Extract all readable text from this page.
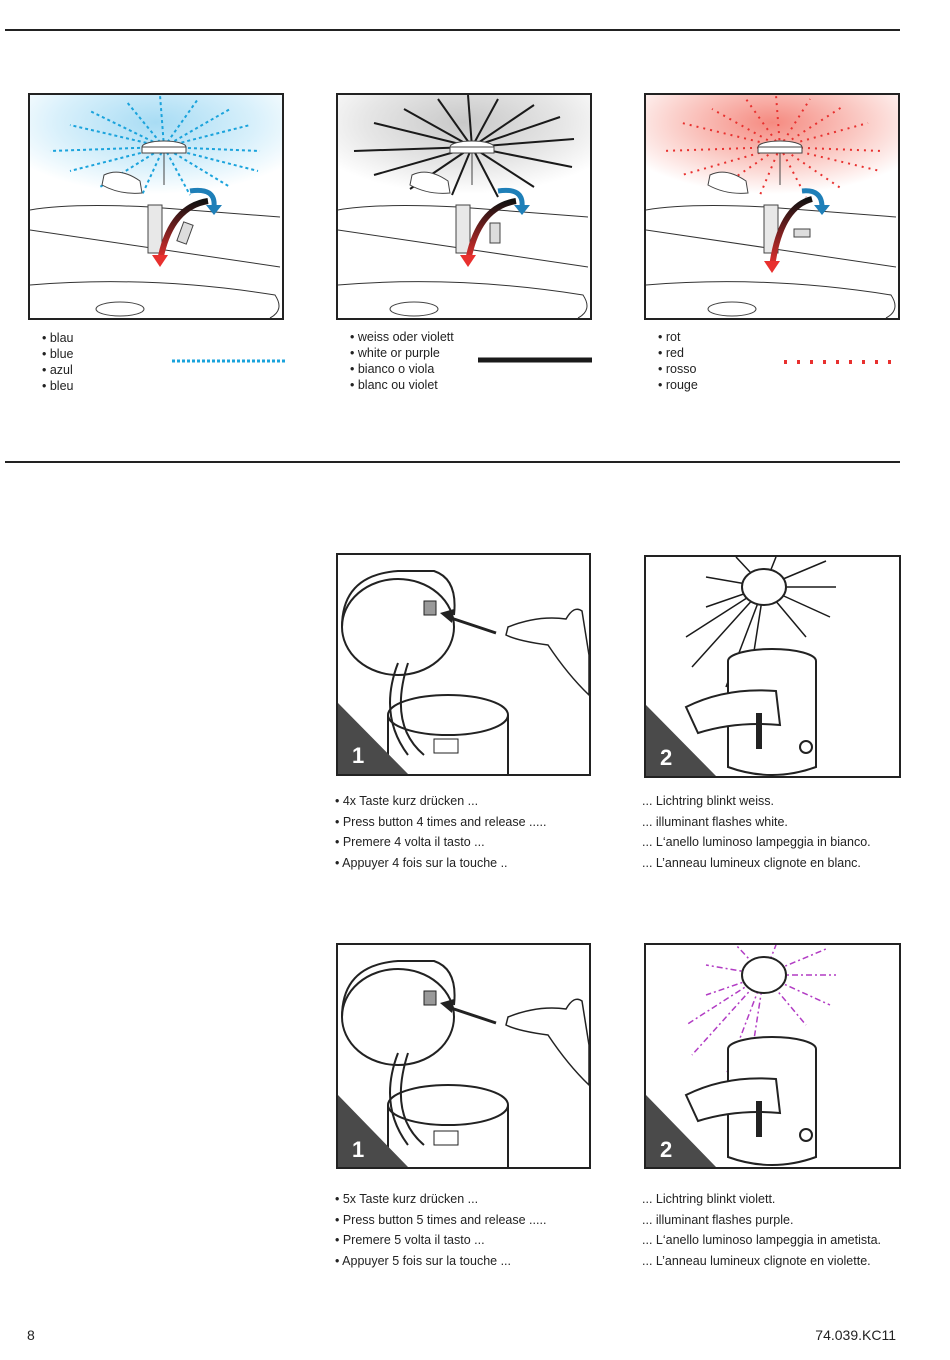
• blau
• blue
• azul
• bleu
• weiss oder violett
• white or purple
• bianco o viola
• blanc ou violet
• rot
• red
• rosso
• rouge
1	2
• 4x Taste kurz drücken ...
• Press button 4 times and release .....
• Premere 4 volta il tasto ...
• Appuyer 4 fois sur la touche ..
... Lichtring blinkt weiss.
... illuminant flashes white.
... L‘anello luminoso lampeggia in bianco.
... L’anneau lumineux clignote en blanc.
1	2
• 5x Taste kurz drücken ...
• Press button 5 times and release .....
• Premere 5 volta il tasto ...
• Appuyer 5 fois sur la touche ...
... Lichtring blinkt violett.
... illuminant flashes purple.
... L‘anello luminoso lampeggia in ametista.
... L’anneau lumineux clignote en violette.
8	74.039.KC11
